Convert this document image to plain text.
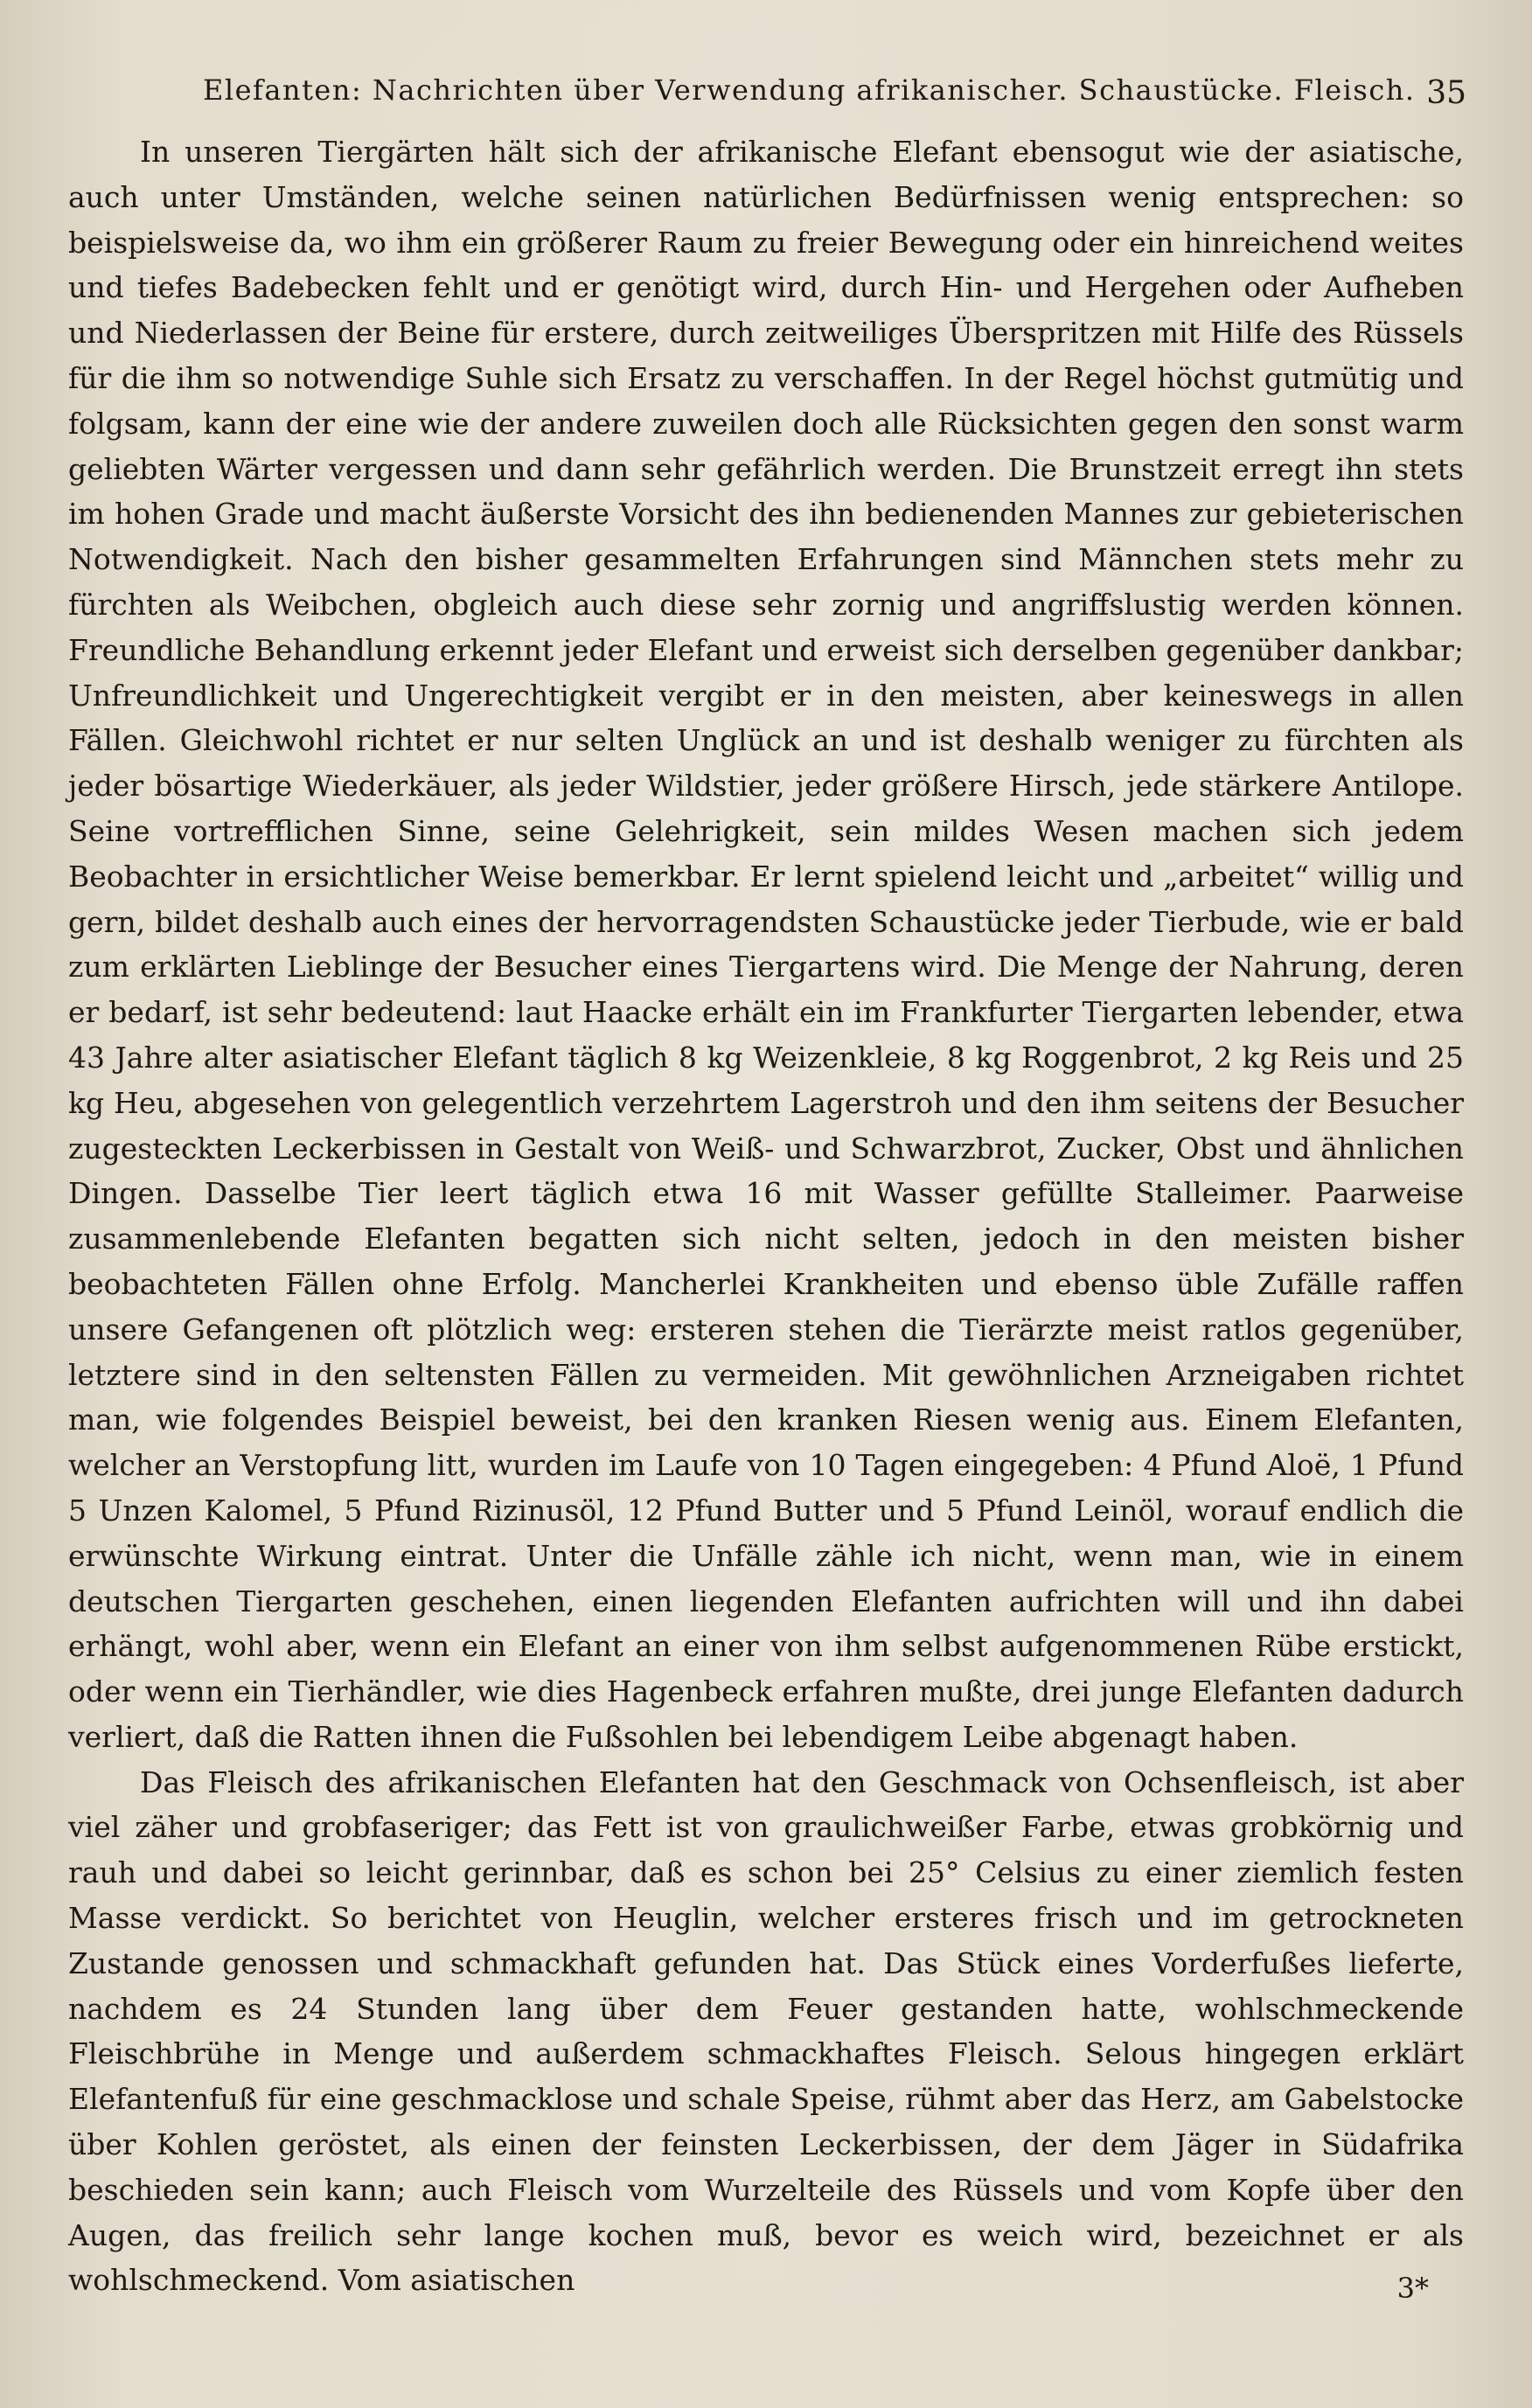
Elefanten: Nachrichten über Verwendung afrikanischer. Schaustücke. Fleisch. 35

In unseren Tiergärten hält sich der afrikanische Elefant ebensogut wie der asiatische, auch unter Umständen, welche seinen natürlichen Bedürfnissen wenig entsprechen: so beispielsweise da, wo ihm ein größerer Raum zu freier Bewegung oder ein hinreichend weites und tiefes Badebecken fehlt und er genötigt wird, durch Hin- und Hergehen oder Aufheben und Niederlassen der Beine für erstere, durch zeitweiliges Überspritzen mit Hilfe des Rüssels für die ihm so notwendige Suhle sich Ersatz zu verschaffen. In der Regel höchst gutmütig und folgsam, kann der eine wie der andere zuweilen doch alle Rücksichten gegen den sonst warm geliebten Wärter vergessen und dann sehr gefährlich werden. Die Brunstzeit erregt ihn stets im hohen Grade und macht äußerste Vorsicht des ihn bedienenden Mannes zur gebieterischen Notwendigkeit. Nach den bisher gesammelten Erfahrungen sind Männchen stets mehr zu fürchten als Weibchen, obgleich auch diese sehr zornig und angriffslustig werden können. Freundliche Behandlung erkennt jeder Elefant und erweist sich derselben gegenüber dankbar; Unfreundlichkeit und Ungerechtigkeit vergibt er in den meisten, aber keineswegs in allen Fällen. Gleichwohl richtet er nur selten Unglück an und ist deshalb weniger zu fürchten als jeder bösartige Wiederkäuer, als jeder Wildstier, jeder größere Hirsch, jede stärkere Antilope. Seine vortrefflichen Sinne, seine Gelehrigkeit, sein mildes Wesen machen sich jedem Beobachter in ersichtlicher Weise bemerkbar. Er lernt spielend leicht und „arbeitet“ willig und gern, bildet deshalb auch eines der hervorragendsten Schaustücke jeder Tierbude, wie er bald zum erklärten Lieblinge der Besucher eines Tiergartens wird. Die Menge der Nahrung, deren er bedarf, ist sehr bedeutend: laut Haacke erhält ein im Frankfurter Tiergarten lebender, etwa 43 Jahre alter asiatischer Elefant täglich 8 kg Weizenkleie, 8 kg Roggenbrot, 2 kg Reis und 25 kg Heu, abgesehen von gelegentlich verzehrtem Lagerstroh und den ihm seitens der Besucher zugesteckten Leckerbissen in Gestalt von Weiß- und Schwarzbrot, Zucker, Obst und ähnlichen Dingen. Dasselbe Tier leert täglich etwa 16 mit Wasser gefüllte Stalleimer. Paarweise zusammenlebende Elefanten begatten sich nicht selten, jedoch in den meisten bisher beobachteten Fällen ohne Erfolg. Mancherlei Krankheiten und ebenso üble Zufälle raffen unsere Gefangenen oft plötzlich weg: ersteren stehen die Tierärzte meist ratlos gegenüber, letztere sind in den seltensten Fällen zu vermeiden. Mit gewöhnlichen Arzneigaben richtet man, wie folgendes Beispiel beweist, bei den kranken Riesen wenig aus. Einem Elefanten, welcher an Verstopfung litt, wurden im Laufe von 10 Tagen eingegeben: 4 Pfund Aloë, 1 Pfund 5 Unzen Kalomel, 5 Pfund Rizinusöl, 12 Pfund Butter und 5 Pfund Leinöl, worauf endlich die erwünschte Wirkung eintrat. Unter die Unfälle zähle ich nicht, wenn man, wie in einem deutschen Tiergarten geschehen, einen liegenden Elefanten aufrichten will und ihn dabei erhängt, wohl aber, wenn ein Elefant an einer von ihm selbst aufgenommenen Rübe erstickt, oder wenn ein Tierhändler, wie dies Hagenbeck erfahren mußte, drei junge Elefanten dadurch verliert, daß die Ratten ihnen die Fußsohlen bei lebendigem Leibe abgenagt haben.

Das Fleisch des afrikanischen Elefanten hat den Geschmack von Ochsenfleisch, ist aber viel zäher und grobfaseriger; das Fett ist von graulichweißer Farbe, etwas grobkörnig und rauh und dabei so leicht gerinnbar, daß es schon bei 25° Celsius zu einer ziemlich festen Masse verdickt. So berichtet von Heuglin, welcher ersteres frisch und im getrockneten Zustande genossen und schmackhaft gefunden hat. Das Stück eines Vorderfußes lieferte, nachdem es 24 Stunden lang über dem Feuer gestanden hatte, wohlschmeckende Fleischbrühe in Menge und außerdem schmackhaftes Fleisch. Selous hingegen erklärt Elefantenfuß für eine geschmacklose und schale Speise, rühmt aber das Herz, am Gabelstocke über Kohlen geröstet, als einen der feinsten Leckerbissen, der dem Jäger in Südafrika beschieden sein kann; auch Fleisch vom Wurzelteile des Rüssels und vom Kopfe über den Augen, das freilich sehr lange kochen muß, bevor es weich wird, bezeichnet er als wohlschmeckend. Vom asiatischen	3*
